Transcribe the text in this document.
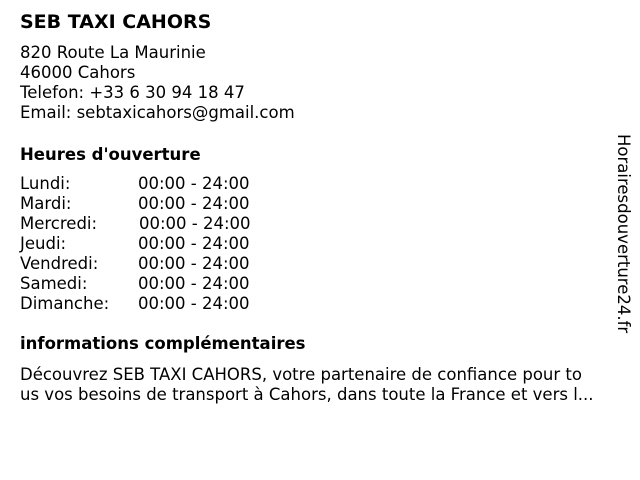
SEB TAXI CAHORS
820 Route La Maurinie
46000 Cahors
Telefon: +33 6 30 94 18 47
Email: sebtaxicahors@gmail.com
Heures d'ouverture
Lundi:	00:00 - 24:00
Mardi:	00:00 - 24:00
Mercredi:	00:00 - 24:00
Jeudi:	00:00 - 24:00
Vendredi: 00:00 - 24:00
Samedi:	00:00 - 24:00
Dimanche: 00:00 - 24:00
informations complémentaires
Découvrez SEB TAXI CAHORS, votre partenaire de confiance pour to
us vos besoins de transport à Cahors, dans toute la France et vers l...
Horairesdouverture24.fr
